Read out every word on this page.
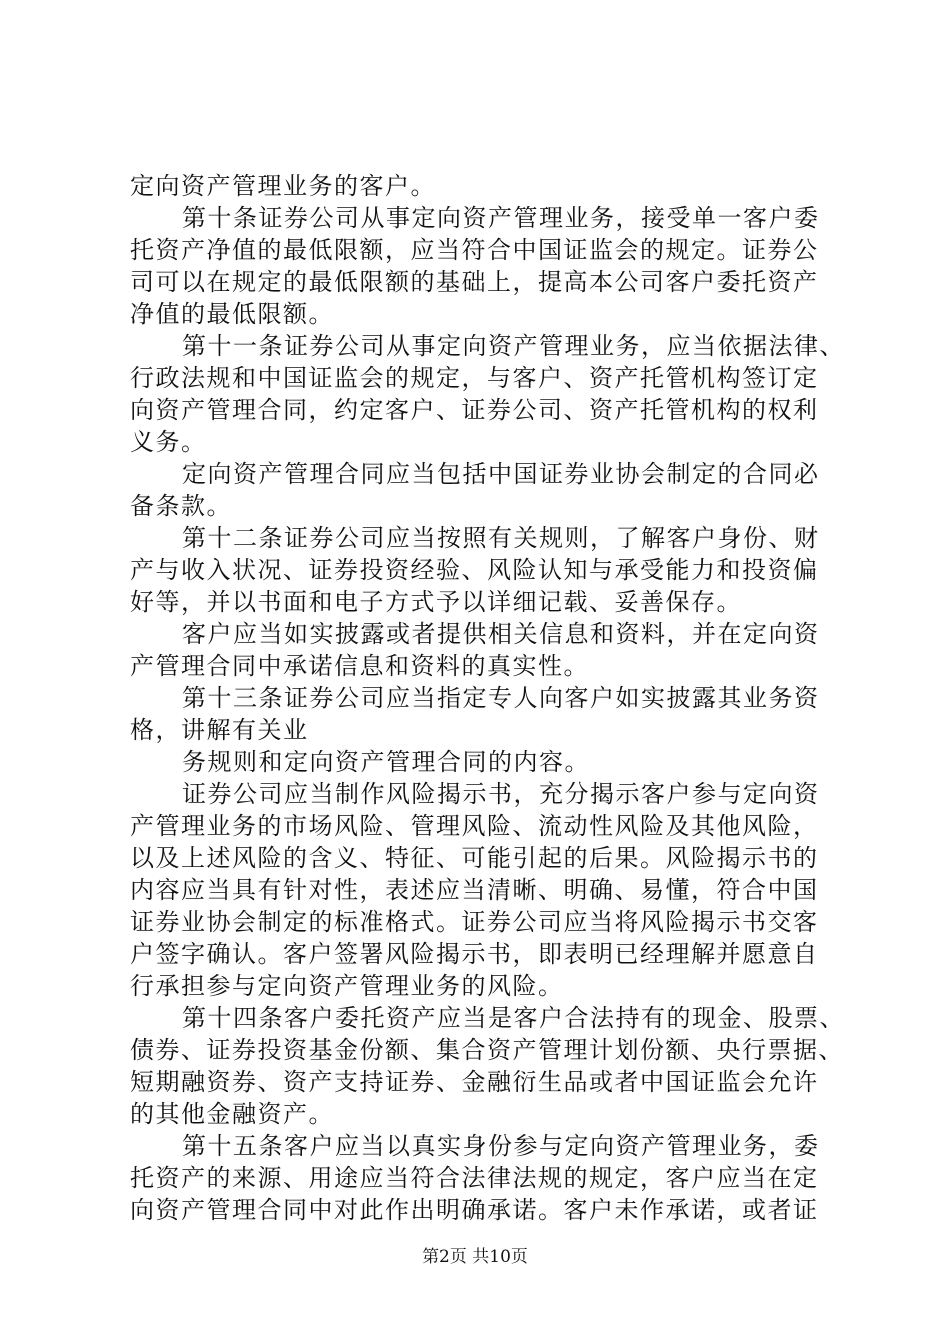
定向资产管理业务的客户。
第十条证券公司从事定向资产管理业务，接受单一客户委
托资产净值的最低限额，应当符合中国证监会的规定。证券公
司可以在规定的最低限额的基础上，提高本公司客户委托资产
净值的最低限额。
第十一条证券公司从事定向资产管理业务，应当依据法律、
行政法规和中国证监会的规定，与客户、资产托管机构签订定
向资产管理合同，约定客户、证券公司、资产托管机构的权利
义务。
定向资产管理合同应当包括中国证券业协会制定的合同必
备条款。
第十二条证券公司应当按照有关规则，了解客户身份、财
产与收入状况、证券投资经验、风险认知与承受能力和投资偏
好等，并以书面和电子方式予以详细记载、妥善保存。
客户应当如实披露或者提供相关信息和资料，并在定向资
产管理合同中承诺信息和资料的真实性。
第十三条证券公司应当指定专人向客户如实披露其业务资
格，讲解有关业
务规则和定向资产管理合同的内容。
证券公司应当制作风险揭示书，充分揭示客户参与定向资
产管理业务的市场风险、管理风险、流动性风险及其他风险，
以及上述风险的含义、特征、可能引起的后果。风险揭示书的
内容应当具有针对性，表述应当清晰、明确、易懂，符合中国
证券业协会制定的标准格式。证券公司应当将风险揭示书交客
户签字确认。客户签署风险揭示书，即表明已经理解并愿意自
行承担参与定向资产管理业务的风险。
第十四条客户委托资产应当是客户合法持有的现金、股票、
债券、证券投资基金份额、集合资产管理计划份额、央行票据、
短期融资券、资产支持证券、金融衍生品或者中国证监会允许
的其他金融资产。
第十五条客户应当以真实身份参与定向资产管理业务，委
托资产的来源、用途应当符合法律法规的规定，客户应当在定
向资产管理合同中对此作出明确承诺。客户未作承诺，或者证
第2页 共10页
